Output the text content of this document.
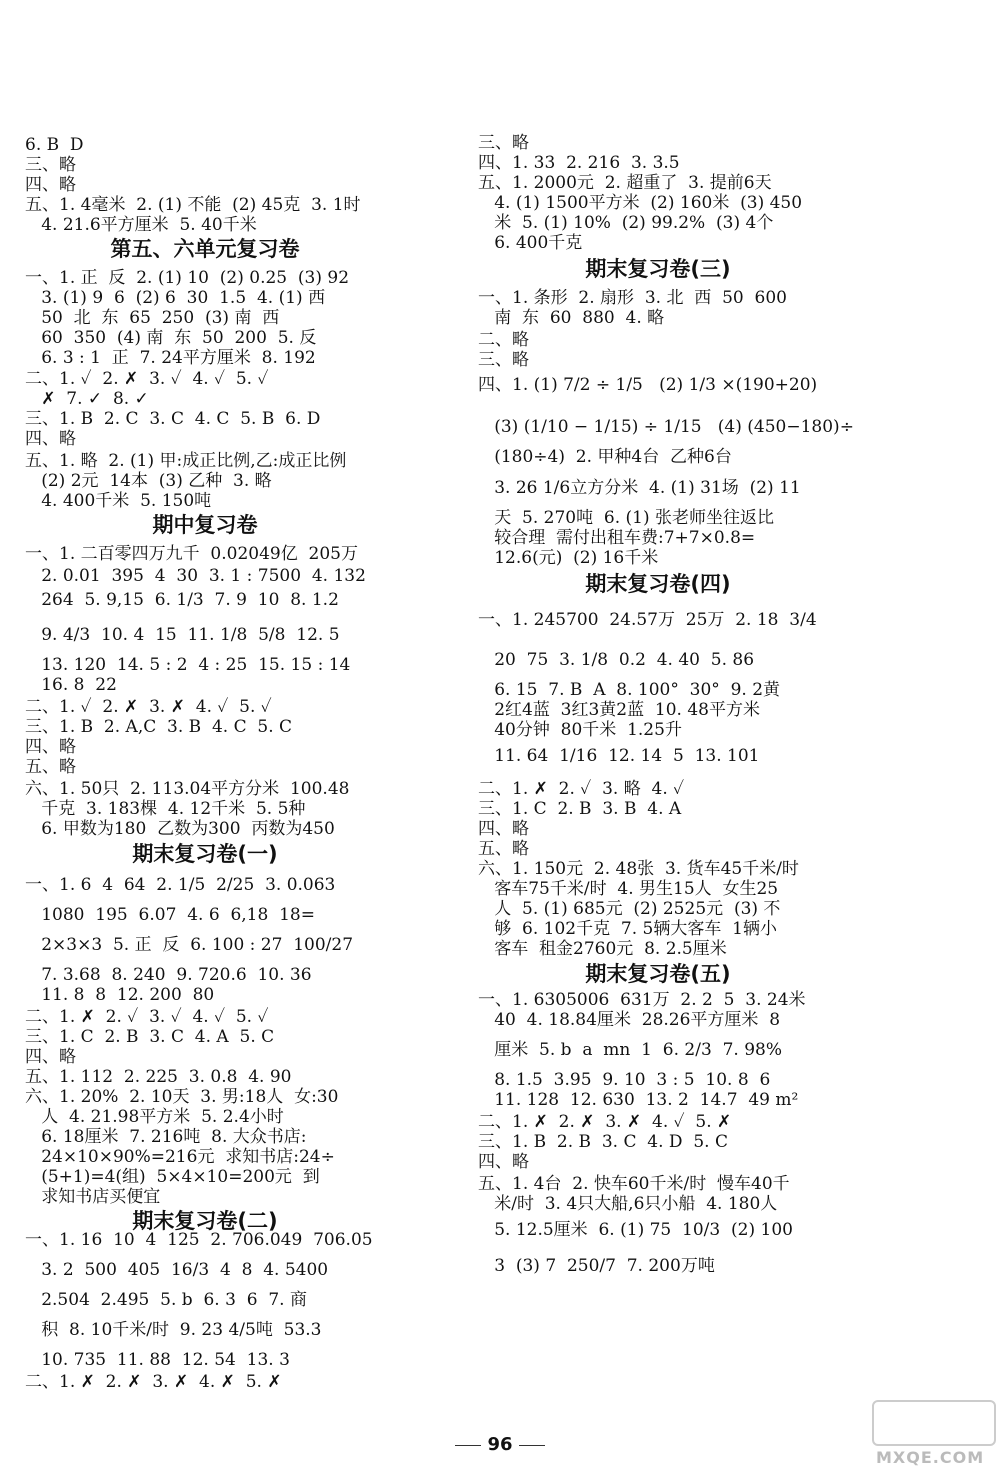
6. B  D
三、略
四、略
五、1. 4毫米  2. (1) 不能  (2) 45克  3. 1时
4. 21.6平方厘米  5. 40千米
第五、六单元复习卷
一、1. 正  反  2. (1) 10  (2) 0.25  (3) 92
3. (1) 9  6  (2) 6  30  1.5  4. (1) 西
50  北  东  65  250  (3) 南  西
60  350  (4) 南  东  50  200  5. 反
6. 3 : 1  正  7. 24平方厘米  8. 192
二、1. ✓  2. ✗  3. ✓  4. ✓  5. ✓
✗  7. ✓  8. ✓
三、1. B  2. C  3. C  4. C  5. B  6. D
四、略
五、1. 略  2. (1) 甲:成正比例,乙:成正比例
(2) 2元  14本  (3) 乙种  3. 略
4. 400千米  5. 150吨
期中复习卷
一、1. 二百零四万九千  0.02049亿  205万
2. 0.01  395  4  30  3. 1 : 7500  4. 132
264  5. 9,15  6. 1/3  7. 9  10  8. 1.2
9. 4/3  10. 4  15  11. 1/8  5/8  12. 5
13. 120  14. 5 : 2  4 : 25  15. 15 : 14
16. 8  22
二、1. ✓  2. ✗  3. ✗  4. ✓  5. ✓
三、1. B  2. A,C  3. B  4. C  5. C
四、略
五、略
六、1. 50只  2. 113.04平方分米  100.48
千克  3. 183棵  4. 12千米  5. 5种
6. 甲数为180  乙数为300  丙数为450
期末复习卷(一)
一、1. 6  4  64  2. 1/5  2/25  3. 0.063
1080  195  6.07  4. 6  6,18  18=
2×3×3  5. 正  反  6. 100 : 27  100/27
7. 3.68  8. 240  9. 720.6  10. 36
11. 8  8  12. 200  80
二、1. ✗  2. ✓  3. ✓  4. ✓  5. ✓
三、1. C  2. B  3. C  4. A  5. C
四、略
五、1. 112  2. 225  3. 0.8  4. 90
六、1. 20%  2. 10天  3. 男:18人  女:30
人  4. 21.98平方米  5. 2.4小时
6. 18厘米  7. 216吨  8. 大众书店:
24×10×90%=216元  求知书店:24÷
(5+1)=4(组)  5×4×10=200元  到
求知书店买便宜
期末复习卷(二)
一、1. 16  10  4  125  2. 706.049  706.05
3. 2  500  405  16/3  4  8  4. 5400
2.504  2.495  5. b  6. 3  6  7. 商
积  8. 10千米/时  9. 23 4/5吨  53.3
10. 735  11. 88  12. 54  13. 3
二、1. ✗  2. ✗  3. ✗  4. ✗  5. ✗
三、略
四、1. 33  2. 216  3. 3.5
五、1. 2000元  2. 超重了  3. 提前6天
4. (1) 1500平方米  (2) 160米  (3) 450
米  5. (1) 10%  (2) 99.2%  (3) 4个
6. 400千克
期末复习卷(三)
一、1. 条形  2. 扇形  3. 北  西  50  600
南  东  60  880  4. 略
二、略
三、略
四、1. (1) 7/2 ÷ 1/5   (2) 1/3 ×(190+20)
(3) (1/10 − 1/15) ÷ 1/15   (4) (450−180)÷
(180÷4)  2. 甲种4台  乙种6台
3. 26 1/6立方分米  4. (1) 31场  (2) 11
天  5. 270吨  6. (1) 张老师坐往返比
较合理  需付出租车费:7+7×0.8=
12.6(元)  (2) 16千米
期末复习卷(四)
一、1. 245700  24.57万  25万  2. 18  3/4
20  75  3. 1/8  0.2  4. 40  5. 86
6. 15  7. B  A  8. 100°  30°  9. 2黄
2红4蓝  3红3黄2蓝  10. 48平方米
40分钟  80千米  1.25升
11. 64  1/16  12. 14  5  13. 101
二、1. ✗  2. ✓  3. 略  4. ✓
三、1. C  2. B  3. B  4. A
四、略
五、略
六、1. 150元  2. 48张  3. 货车45千米/时
客车75千米/时  4. 男生15人  女生25
人  5. (1) 685元  (2) 2525元  (3) 不
够  6. 102千克  7. 5辆大客车  1辆小
客车  租金2760元  8. 2.5厘米
期末复习卷(五)
一、1. 6305006  631万  2. 2  5  3. 24米
40  4. 18.84厘米  28.26平方厘米  8
厘米  5. b  a  mn  1  6. 2/3  7. 98%
8. 1.5  3.95  9. 10  3 : 5  10. 8  6
11. 128  12. 630  13. 2  14.7  49 m²
二、1. ✗  2. ✗  3. ✗  4. ✓  5. ✗
三、1. B  2. B  3. C  4. D  5. C
四、略
五、1. 4台  2. 快车60千米/时  慢车40千
米/时  3. 4只大船,6只小船  4. 180人
5. 12.5厘米  6. (1) 75  10/3  (2) 100
3  (3) 7  250/7  7. 200万吨
96
MXQE.COM
